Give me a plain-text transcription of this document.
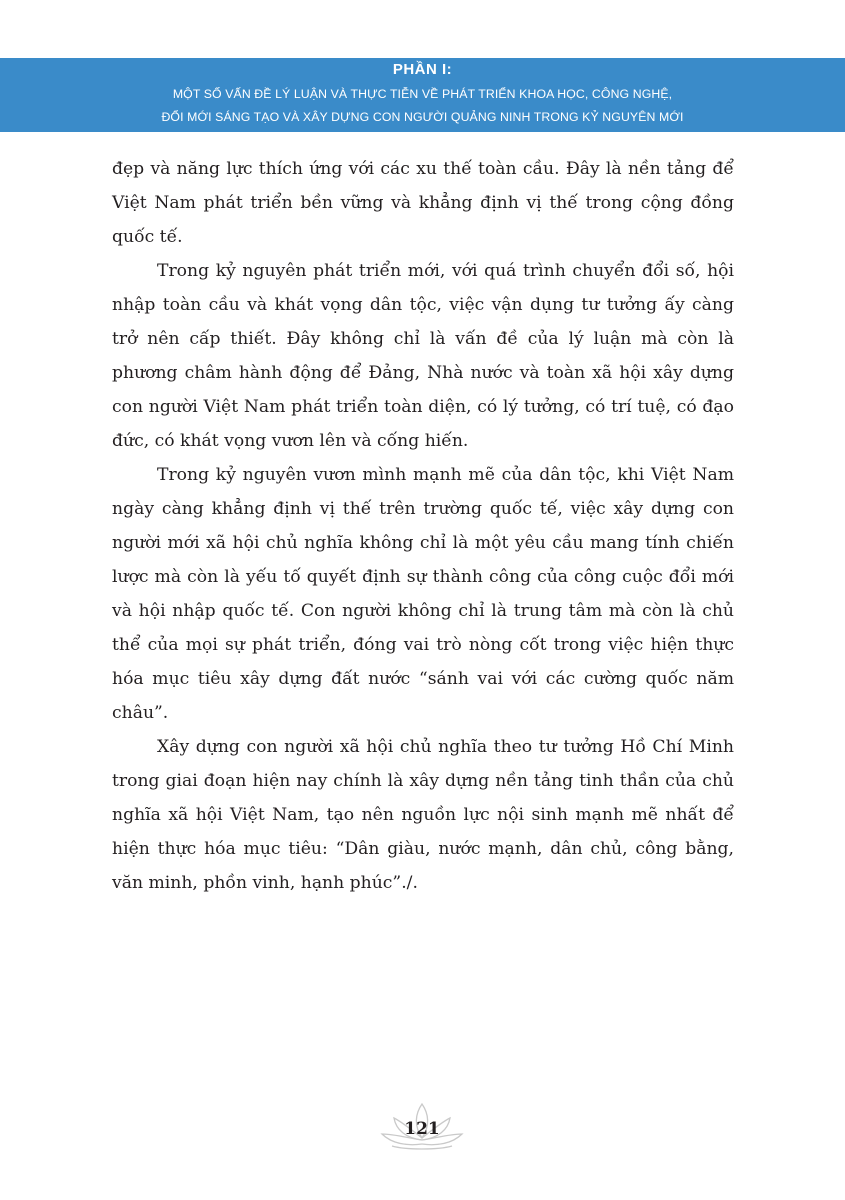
PHẦN I:
MỘT SỐ VẤN ĐỀ LÝ LUẬN VÀ THỰC TIỄN VỀ PHÁT TRIỂN KHOA HỌC, CÔNG NGHỆ,
ĐỔI MỚI SÁNG TẠO VÀ XÂY DỰNG CON NGƯỜI QUẢNG NINH TRONG KỶ NGUYÊN MỚI

đẹp và năng lực thích ứng với các xu thế toàn cầu. Đây là nền tảng để Việt Nam phát triển bền vững và khẳng định vị thế trong cộng đồng quốc tế.

Trong kỷ nguyên phát triển mới, với quá trình chuyển đổi số, hội nhập toàn cầu và khát vọng dân tộc, việc vận dụng tư tưởng ấy càng trở nên cấp thiết. Đây không chỉ là vấn đề của lý luận mà còn là phương châm hành động để Đảng, Nhà nước và toàn xã hội xây dựng con người Việt Nam phát triển toàn diện, có lý tưởng, có trí tuệ, có đạo đức, có khát vọng vươn lên và cống hiến.

Trong kỷ nguyên vươn mình mạnh mẽ của dân tộc, khi Việt Nam ngày càng khẳng định vị thế trên trường quốc tế, việc xây dựng con người mới xã hội chủ nghĩa không chỉ là một yêu cầu mang tính chiến lược mà còn là yếu tố quyết định sự thành công của công cuộc đổi mới và hội nhập quốc tế. Con người không chỉ là trung tâm mà còn là chủ thể của mọi sự phát triển, đóng vai trò nòng cốt trong việc hiện thực hóa mục tiêu xây dựng đất nước “sánh vai với các cường quốc năm châu”.

Xây dựng con người xã hội chủ nghĩa theo tư tưởng Hồ Chí Minh trong giai đoạn hiện nay chính là xây dựng nền tảng tinh thần của chủ nghĩa xã hội Việt Nam, tạo nên nguồn lực nội sinh mạnh mẽ nhất để hiện thực hóa mục tiêu: “Dân giàu, nước mạnh, dân chủ, công bằng, văn minh, phồn vinh, hạnh phúc”./.

121
